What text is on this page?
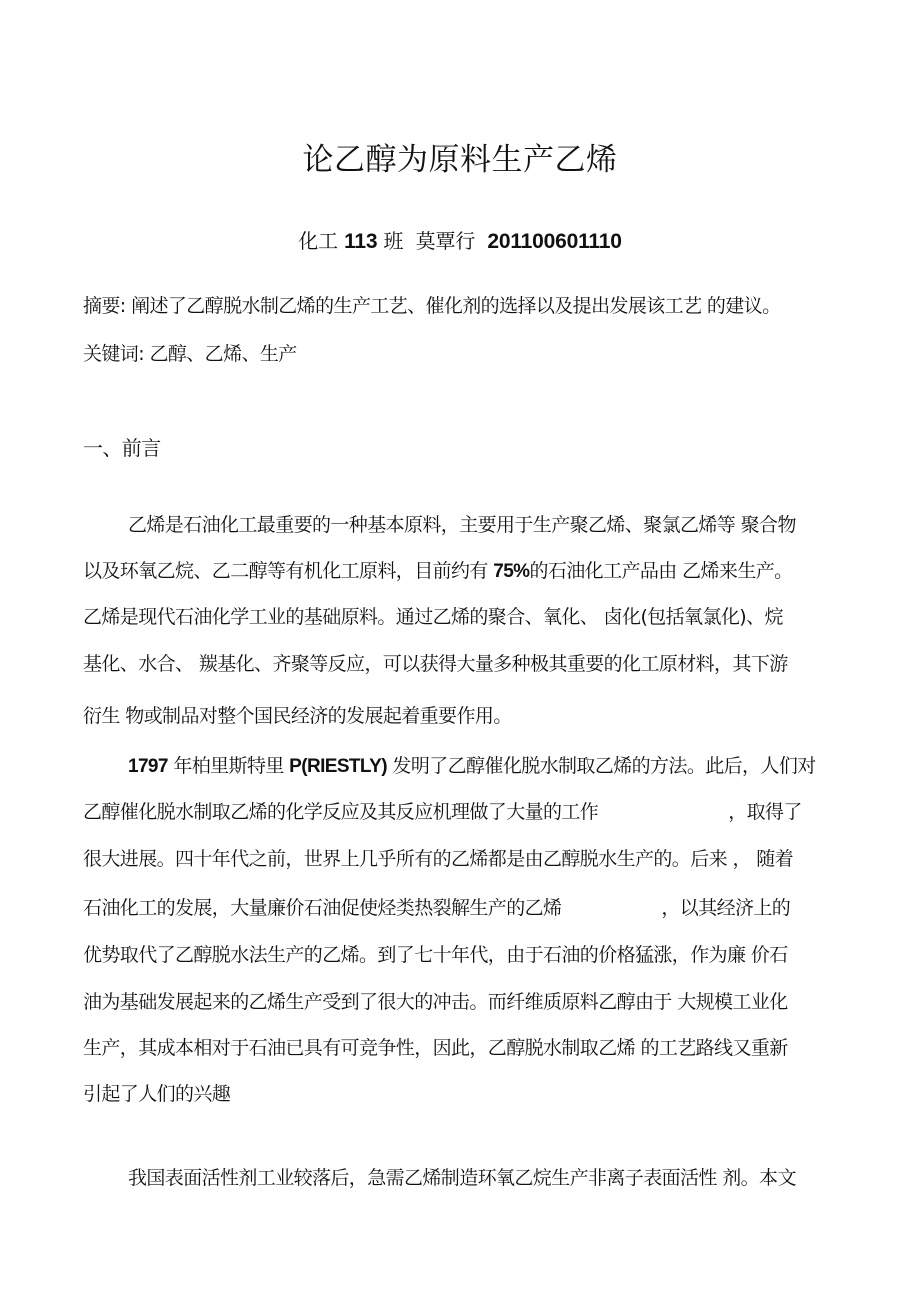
论乙醇为原料生产乙烯
化工 113 班 莫覃行 201100601110
摘要: 阐述了乙醇脱水制乙烯的生产工艺、催化剂的选择以及提出发展该工艺 的建议。
关键词: 乙醇、乙烯、生产
一、前言
乙烯是石油化工最重要的一种基本原料，主要用于生产聚乙烯、聚氯乙烯等 聚合物
以及环氧乙烷、乙二醇等有机化工原料，目前约有 75%的石油化工产品由 乙烯来生产。
乙烯是现代石油化学工业的基础原料。通过乙烯的聚合、氧化、 卤化(包括氧氯化)、烷
基化、水合、 羰基化、齐聚等反应，可以获得大量多种极其重要的化工原材料，其下游
衍生 物或制品对整个国民经济的发展起着重要作用。
1797 年柏里斯特里 P(RIESTLY) 发明了乙醇催化脱水制取乙烯的方法。此后，人们对
乙醇催化脱水制取乙烯的化学反应及其反应机理做了大量的工作	，取得了
很大进展。四十年代之前，世界上几乎所有的乙烯都是由乙醇脱水生产的。后来 ， 随着
石油化工的发展，大量廉价石油促使烃类热裂解生产的乙烯	，以其经济上的
优势取代了乙醇脱水法生产的乙烯。到了七十年代，由于石油的价格猛涨，作为廉 价石
油为基础发展起来的乙烯生产受到了很大的冲击。而纤维质原料乙醇由于 大规模工业化
生产，其成本相对于石油已具有可竞争性，因此，乙醇脱水制取乙烯 的工艺路线又重新
引起了人们的兴趣
我国表面活性剂工业较落后，急需乙烯制造环氧乙烷生产非离子表面活性 剂。本文
